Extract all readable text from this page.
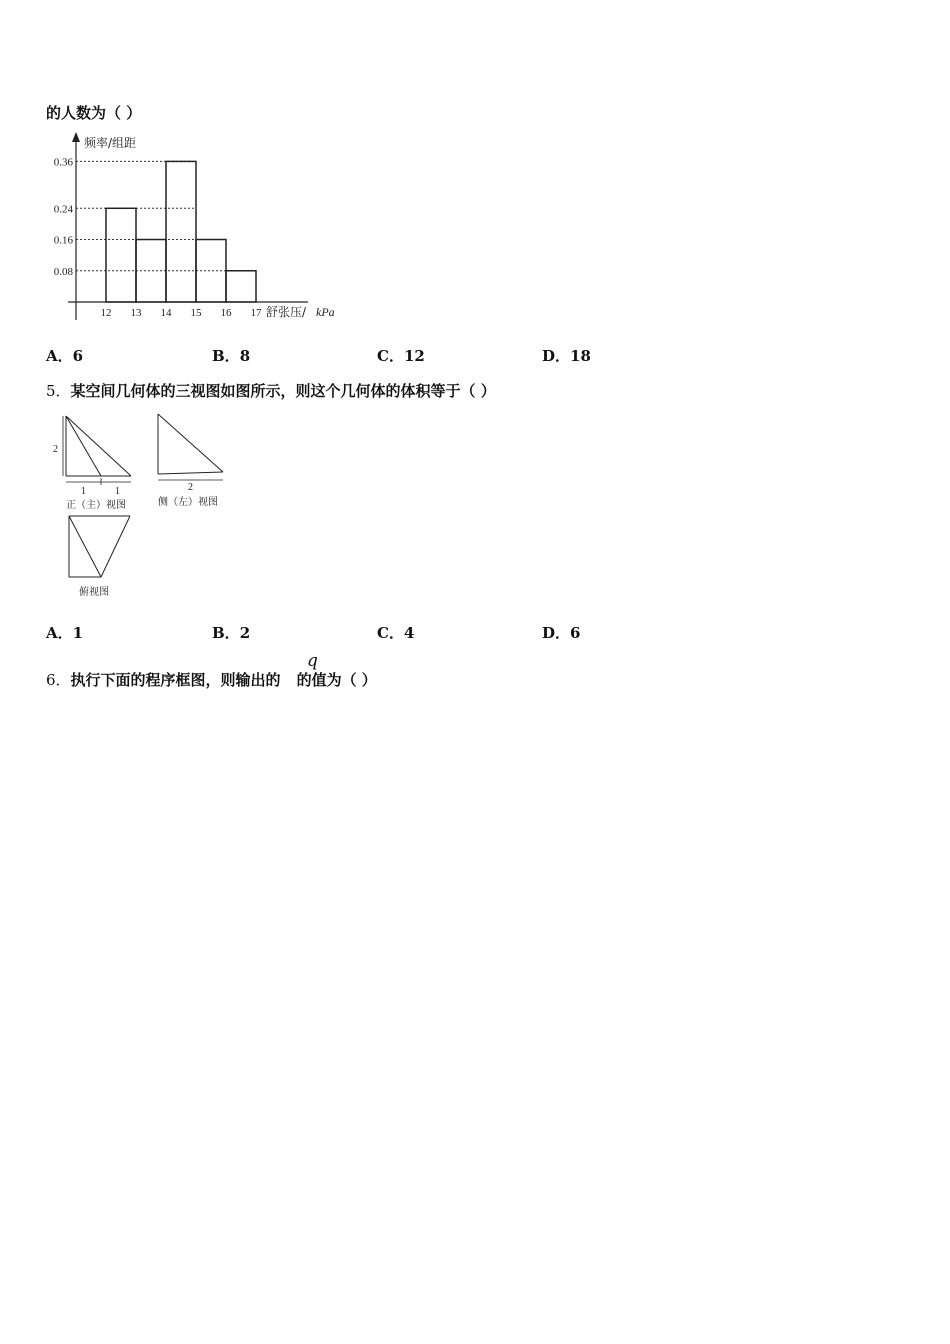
的人数为（ ）
0.36
0.24
0.16
0.08
12 13 14 15 16 17
频率/组距
舒张压/ kPa
A．6	B．8	C．12	D．18
5．某空间几何体的三视图如图所示，则这个几何体的体积等于（ ）
2
1	1
正（主）视图
2
侧（左）视图
俯视图
A．1	B．2	C．4	D．6
6．执行下面的程序框图，则输出的 的值为（ ）
q
